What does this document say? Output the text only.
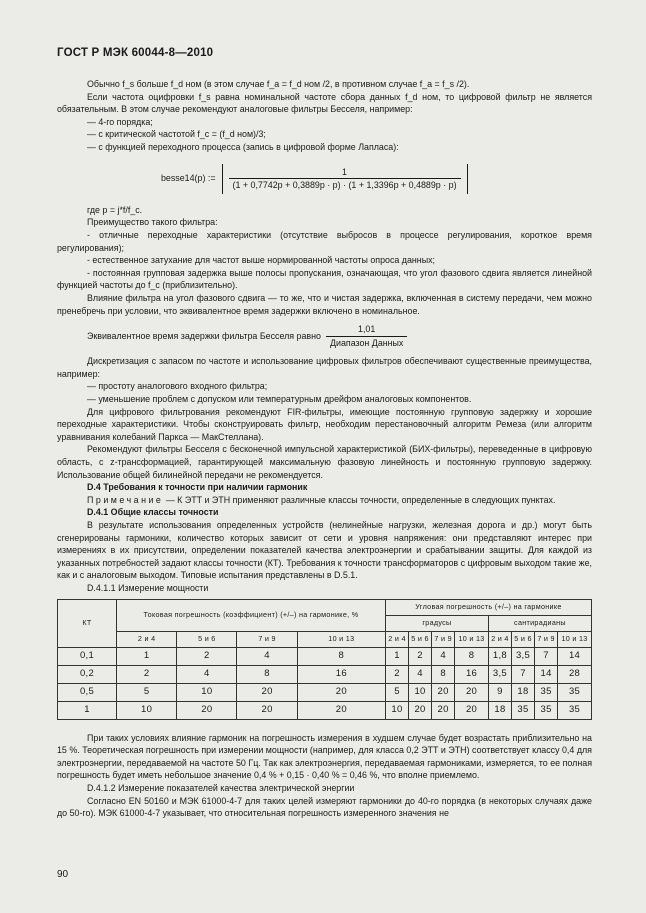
ГОСТ Р МЭК 60044-8—2010

Обычно f_s больше f_d ном (в этом случае f_a = f_d ном /2, в противном случае f_a = f_s /2).

Если частота оцифровки f_s равна номинальной частоте сбора данных f_d ном, то цифровой фильтр не является обязательным. В этом случае рекомендуют аналоговые фильтры Бесселя, например:

— 4-го порядка;

— с критической частотой f_c = (f_d ном)/3;

— с функцией переходного процесса (запись в цифровой форме Лапласа):

besse14(p) := $\frac{1}{(1 + 0,7742p + 0,3889p \cdot p) \cdot (1 + 1,3396p + 0,4889p \cdot p)}$

где p = j*f/f_c.

Преимущество такого фильтра:

- отличные переходные характеристики (отсутствие выбросов в процессе регулирования, короткое время регулирования);

- естественное затухание для частот выше нормированной частоты опроса данных;

- постоянная групповая задержка выше полосы пропускания, означающая, что угол фазового сдвига является линейной функцией частоты до f_c (приблизительно).

Влияние фильтра на угол фазового сдвига — то же, что и чистая задержка, включенная в систему передачи, чем можно пренебречь при условии, что эквивалентное время задержки включено в номинальное.

Эквивалентное время задержки фильтра Бесселя равно $\frac{1,01}{\text{Диапазон Данных}}$

Дискретизация с запасом по частоте и использование цифровых фильтров обеспечивают существенные преимущества, например:

— простоту аналогового входного фильтра;

— уменьшение проблем с допуском или температурным дрейфом аналоговых компонентов.

Для цифрового фильтрования рекомендуют FIR-фильтры, имеющие постоянную групповую задержку и хорошие переходные характеристики. Чтобы сконструировать фильтр, необходим перестановочный алгоритм Ремеза (или алгоритм уравнивания колебаний Паркса — МакСтеллана).

Рекомендуют фильтры Бесселя с бесконечной импульсной характеристикой (БИХ-фильтры), переведенные в цифровую область, с z-трансформацией, гарантирующей максимальную фазовую линейность и постоянную групповую задержку. Использование общей билинейной передачи не рекомендуется.

D.4 Требования к точности при наличии гармоник

Примечание — К ЭТТ и ЭТН применяют различные классы точности, определенные в следующих пунктах.

D.4.1 Общие классы точности

В результате использования определенных устройств (нелинейные нагрузки, железная дорога и др.) могут быть сгенерированы гармоники, количество которых зависит от сети и уровня напряжения: они представляют интерес при измерениях в их присутствии, определении показателей качества электроэнергии и срабатывании защиты. Для каждой из указанных потребностей задают классы точности (КТ). Требования к точности трансформаторов с цифровым выходом такие же, как и с аналоговым выходом. Типовые испытания представлены в D.5.1.

D.4.1.1 Измерение мощности

КТ	Токовая погрешность (коэффициент) (+/–) на гармонике, %				Угловая погрешность (+/–) на гармонике							
					градусы				сантирадианы			
	2 и 4	5 и 6	7 и 9	10 и 13	2 и 4	5 и 6	7 и 9	10 и 13	2 и 4	5 и 6	7 и 9	10 и 13
0,1	1	2	4	8	1	2	4	8	1,8	3,5	7	14
0,2	2	4	8	16	2	4	8	16	3,5	7	14	28
0,5	5	10	20	20	5	10	20	20	9	18	35	35
1	10	20	20	20	10	20	20	20	18	35	35	35

При таких условиях влияние гармоник на погрешность измерения в худшем случае будет возрастать приблизительно на 15 %. Теоретическая погрешность при измерении мощности (например, для класса 0,2 ЭТТ и ЭТН) соответствует классу 0,4 для электроэнергии, передаваемой на частоте 50 Гц. Так как электроэнергия, передаваемая гармониками, измеряется, то ее полная погрешность будет иметь небольшое значение 0,4 % + 0,15 · 0,40 % = 0,46 %, что вполне приемлемо.

D.4.1.2 Измерение показателей качества электрической энергии

Согласно EN 50160 и МЭК 61000-4-7 для таких целей измеряют гармоники до 40-го порядка (в некоторых случаях даже до 50-го). МЭК 61000-4-7 указывает, что относительная погрешность измеренного значения не

90
